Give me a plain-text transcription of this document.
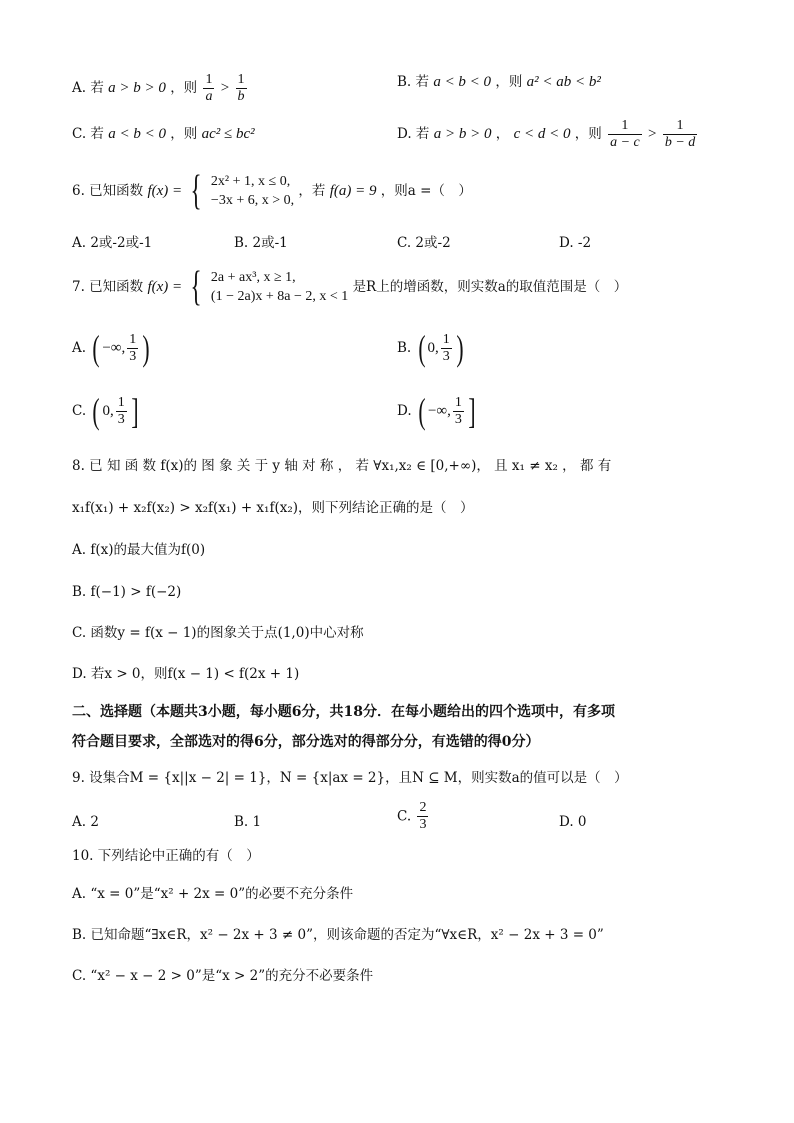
A. 若 a > b > 0 ，则 $\frac{1}{a} > \frac{1}{b}$	B. 若 a < b < 0 ，则 a² < ab < b²
C. 若 a < b < 0 ，则 ac² ≤ bc²	D. 若 a > b > 0 ， c < d < 0 ，则 $\frac{1}{a - c} > \frac{1}{b - d}$
6. 已知函数 f(x) = { 2x² + 1, x ≤ 0,
−3x + 6, x > 0,
，若 f(a) = 9 ，则a =（　）
A. 2或-2或-1	B. 2或-1	C. 2或-2	D. -2
7. 已知函数 f(x) = { 2a + ax³, x ≥ 1,
(1 − 2a)x + 8a − 2, x < 1
是R上的增函数，则实数a的取值范围是（　）
A. ( −∞, $\frac{1}{3}$ )	B. ( 0, $\frac{1}{3}$ )
C. ( 0, $\frac{1}{3}$ ]	D. ( −∞, $\frac{1}{3}$ ]
8. 已 知 函 数 f(x)的 图 象 关 于 y 轴 对 称 ， 若 ∀x₁,x₂ ∈ [0,+∞)， 且 x₁ ≠ x₂ ， 都 有
x₁f(x₁) + x₂f(x₂) > x₂f(x₁) + x₁f(x₂)，则下列结论正确的是（　）
A. f(x)的最大值为f(0)
B. f(−1) > f(−2)
C. 函数y = f(x − 1)的图象关于点(1,0)中心对称
D. 若x > 0，则f(x − 1) < f(2x + 1)
二、选择题（本题共3小题，每小题6分，共18分．在每小题给出的四个选项中，有多项
符合题目要求，全部选对的得6分，部分选对的得部分分，有选错的得0分）
9. 设集合M = {x||x − 2| = 1}，N = {x|ax = 2}，且N ⊆ M，则实数a的值可以是（　）
A. 2	B. 1	C. $\frac{2}{3}$	D. 0
10. 下列结论中正确的有（　）
A. “x = 0”是“x² + 2x = 0”的必要不充分条件
B. 已知命题“∃x∈R，x² − 2x + 3 ≠ 0”，则该命题的否定为“∀x∈R，x² − 2x + 3 = 0”
C. “x² − x − 2 > 0”是“x > 2”的充分不必要条件
